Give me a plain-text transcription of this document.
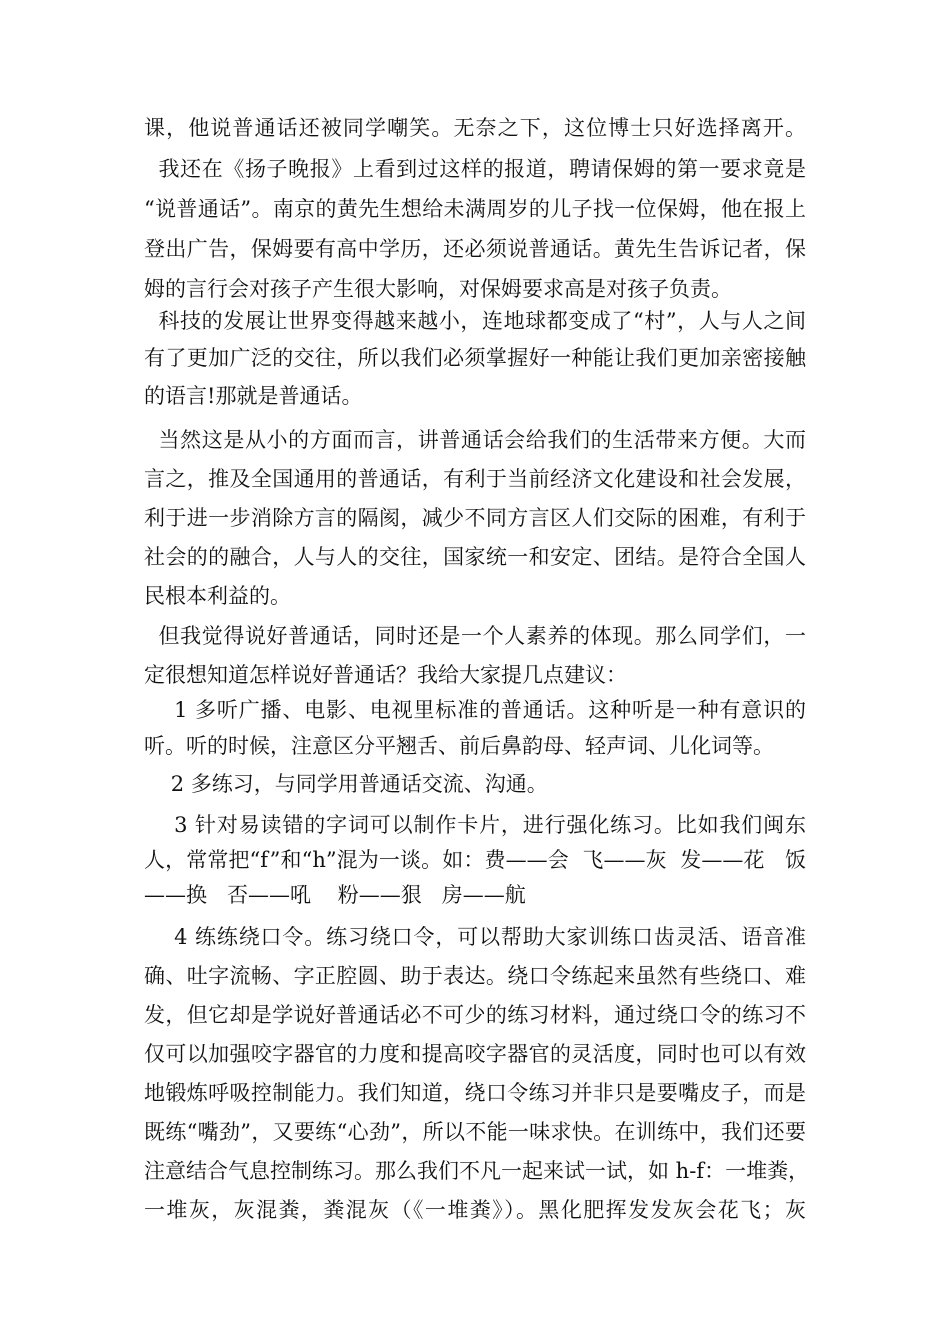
课，他说普通话还被同学嘲笑。无奈之下，这位博士只好选择离开。
我还在《扬子晚报》上看到过这样的报道，聘请保姆的第一要求竟是
“说普通话”。南京的黄先生想给未满周岁的儿子找一位保姆，他在报上
登出广告，保姆要有高中学历，还必须说普通话。黄先生告诉记者，保
姆的言行会对孩子产生很大影响，对保姆要求高是对孩子负责。
科技的发展让世界变得越来越小，连地球都变成了“村”，人与人之间
有了更加广泛的交往，所以我们必须掌握好一种能让我们更加亲密接触
的语言!那就是普通话。
当然这是从小的方面而言，讲普通话会给我们的生活带来方便。大而
言之，推及全国通用的普通话，有利于当前经济文化建设和社会发展，
利于进一步消除方言的隔阂，减少不同方言区人们交际的困难，有利于
社会的的融合，人与人的交往，国家统一和安定、团结。是符合全国人
民根本利益的。
但我觉得说好普通话，同时还是一个人素养的体现。那么同学们，一
定很想知道怎样说好普通话？我给大家提几点建议：
1 多听广播、电影、电视里标准的普通话。这种听是一种有意识的
听。听的时候，注意区分平翘舌、前后鼻韵母、轻声词、儿化词等。
2 多练习，与同学用普通话交流、沟通。
3 针对易读错的字词可以制作卡片，进行强化练习。比如我们闽东
人，常常把“f”和“h”混为一谈。如：费——会  飞——灰  发——花   饭
——换   否——吼    粉——狠   房——航
4 练练绕口令。练习绕口令，可以帮助大家训练口齿灵活、语音准
确、吐字流畅、字正腔圆、助于表达。绕口令练起来虽然有些绕口、难
发，但它却是学说好普通话必不可少的练习材料，通过绕口令的练习不
仅可以加强咬字器官的力度和提高咬字器官的灵活度，同时也可以有效
地锻炼呼吸控制能力。我们知道，绕口令练习并非只是要嘴皮子，而是
既练“嘴劲”，又要练“心劲”，所以不能一味求快。在训练中，我们还要
注意结合气息控制练习。那么我们不凡一起来试一试，如 h-f：一堆粪，
一堆灰，灰混粪，粪混灰（《一堆粪》）。黑化肥挥发发灰会花飞；灰
